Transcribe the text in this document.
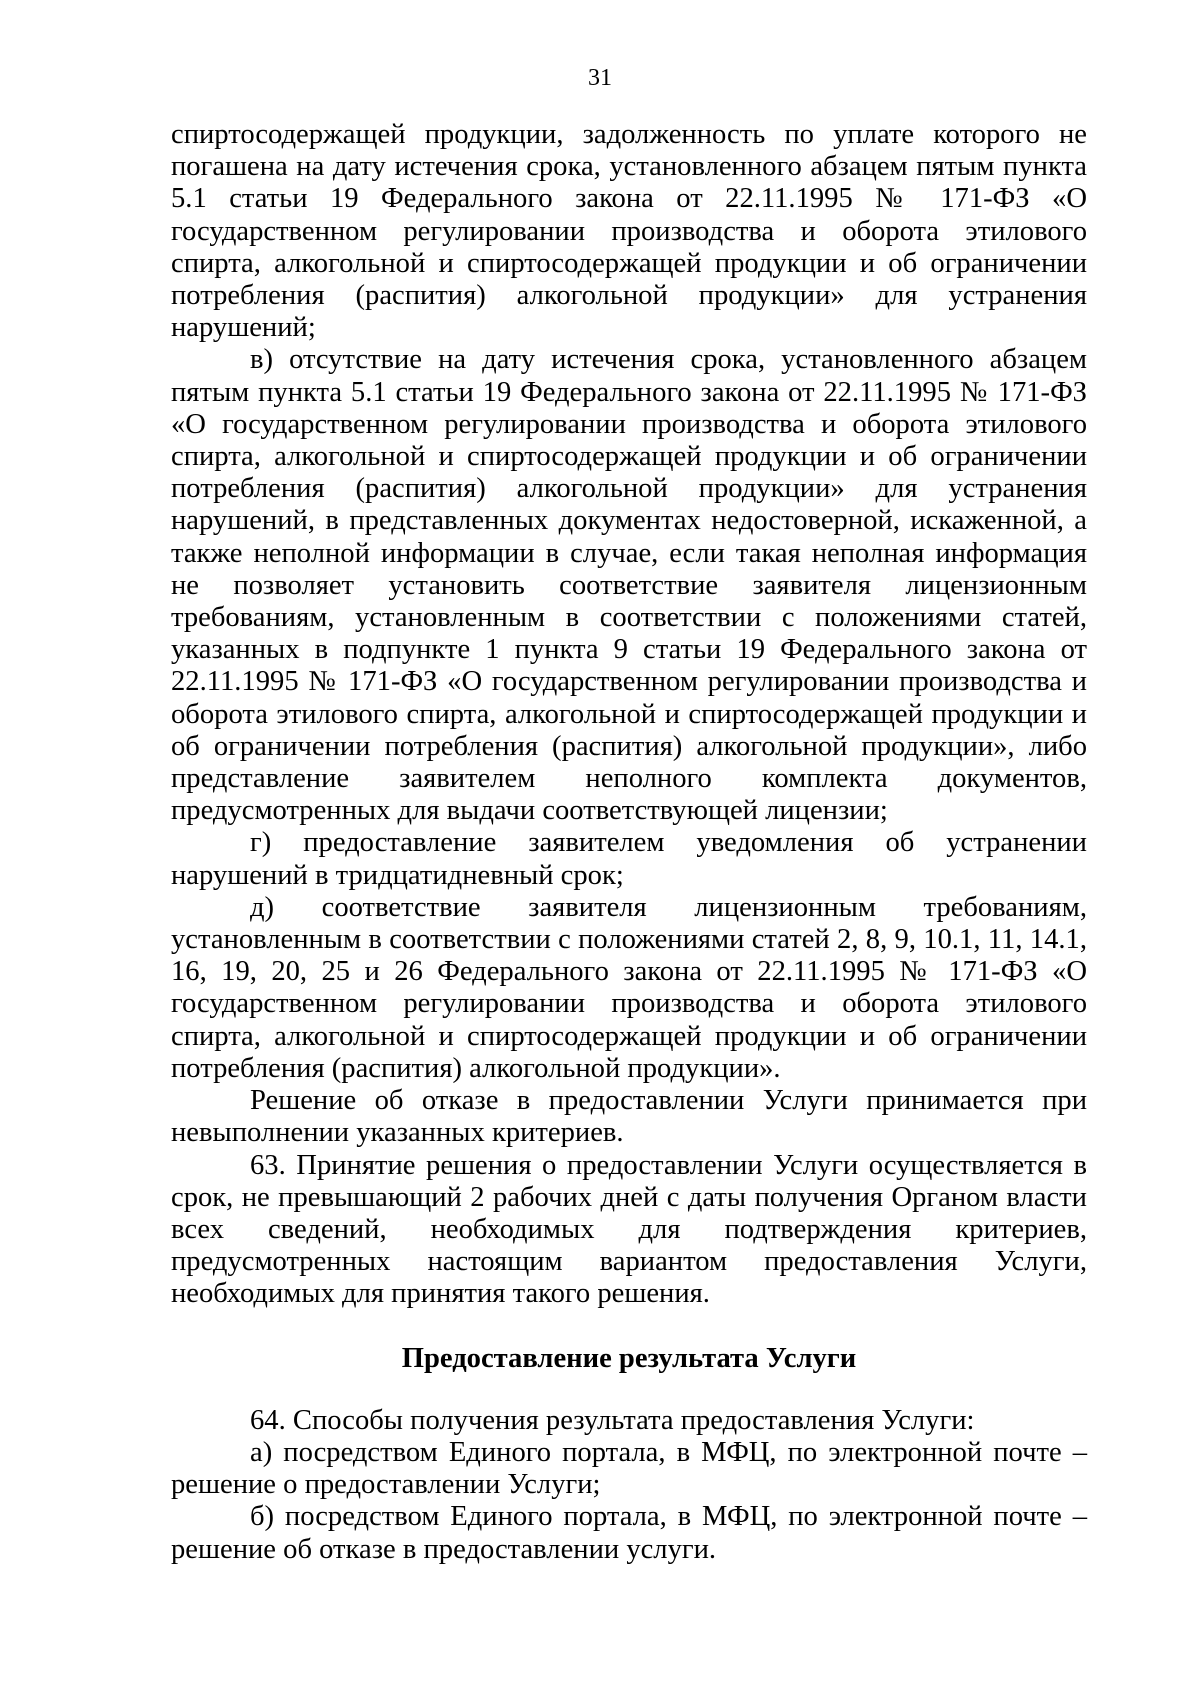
31

спиртосодержащей продукции, задолженность по уплате которого не погашена на дату истечения срока, установленного абзацем пятым пункта 5.1 статьи 19 Федерального закона от 22.11.1995 № 171-ФЗ «О государственном регулировании производства и оборота этилового спирта, алкогольной и спиртосодержащей продукции и об ограничении потребления (распития) алкогольной продукции» для устранения нарушений;

в) отсутствие на дату истечения срока, установленного абзацем пятым пункта 5.1 статьи 19 Федерального закона от 22.11.1995 № 171-ФЗ «О государственном регулировании производства и оборота этилового спирта, алкогольной и спиртосодержащей продукции и об ограничении потребления (распития) алкогольной продукции» для устранения нарушений, в представленных документах недостоверной, искаженной, а также неполной информации в случае, если такая неполная информация не позволяет установить соответствие заявителя лицензионным требованиям, установленным в соответствии с положениями статей, указанных в подпункте 1 пункта 9 статьи 19 Федерального закона от 22.11.1995 № 171-ФЗ «О государственном регулировании производства и оборота этилового спирта, алкогольной и спиртосодержащей продукции и об ограничении потребления (распития) алкогольной продукции», либо представление заявителем неполного комплекта документов, предусмотренных для выдачи соответствующей лицензии;

г) предоставление заявителем уведомления об устранении нарушений в тридцатидневный срок;

д) соответствие заявителя лицензионным требованиям, установленным в соответствии с положениями статей 2, 8, 9, 10.1, 11, 14.1, 16, 19, 20, 25 и 26 Федерального закона от 22.11.1995 № 171-ФЗ «О государственном регулировании производства и оборота этилового спирта, алкогольной и спиртосодержащей продукции и об ограничении потребления (распития) алкогольной продукции».

Решение об отказе в предоставлении Услуги принимается при невыполнении указанных критериев.

63. Принятие решения о предоставлении Услуги осуществляется в срок, не превышающий 2 рабочих дней с даты получения Органом власти всех сведений, необходимых для подтверждения критериев, предусмотренных настоящим вариантом предоставления Услуги, необходимых для принятия такого решения.

Предоставление результата Услуги

64. Способы получения результата предоставления Услуги:

а) посредством Единого портала, в МФЦ, по электронной почте – решение о предоставлении Услуги;

б) посредством Единого портала, в МФЦ, по электронной почте – решение об отказе в предоставлении услуги.
